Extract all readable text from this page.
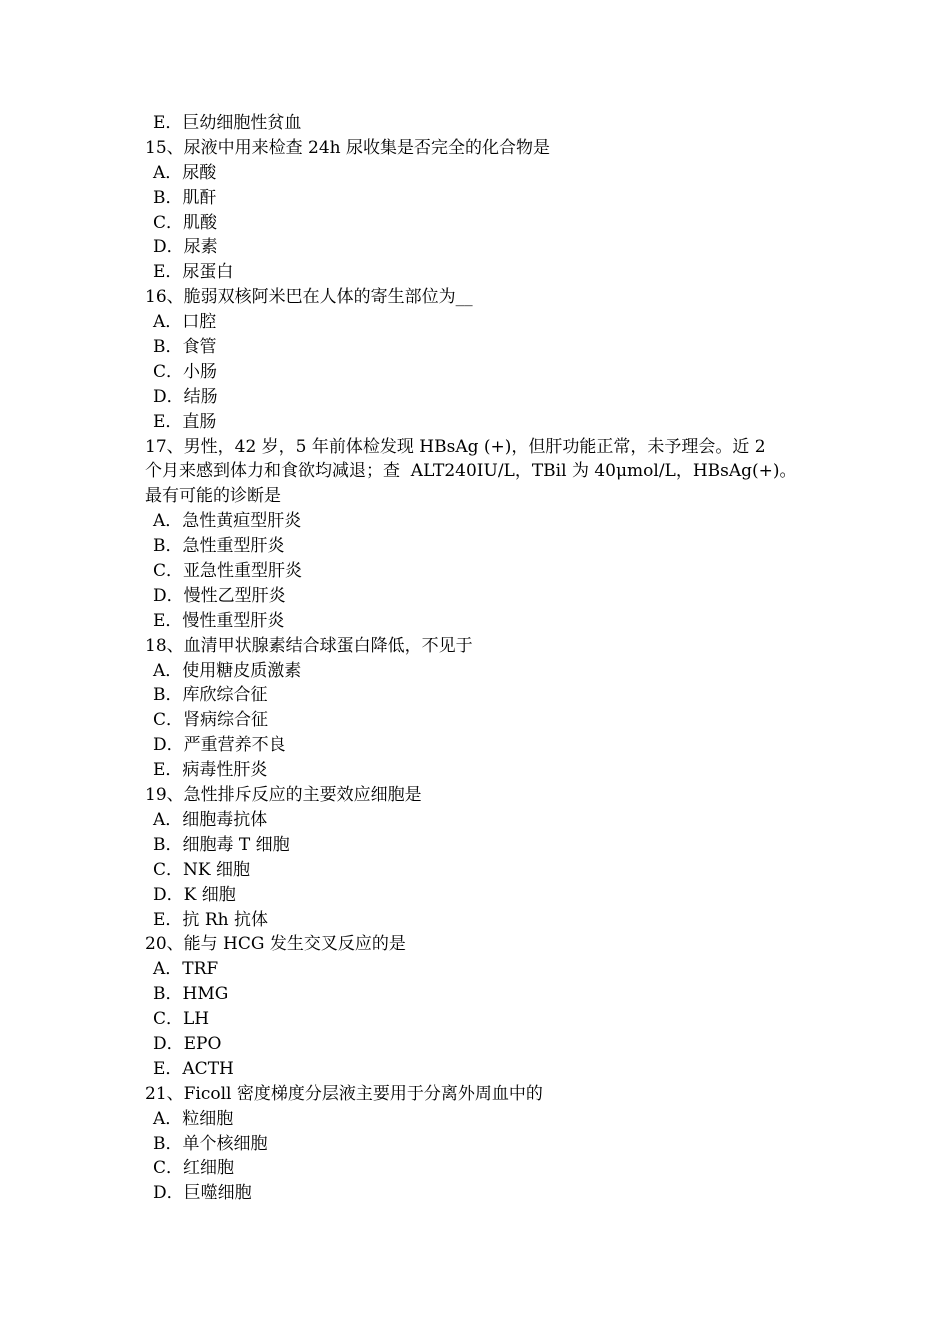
E．巨幼细胞性贫血
15、尿液中用来检查 24h 尿收集是否完全的化合物是
A．尿酸
B．肌酐
C．肌酸
D．尿素
E．尿蛋白
16、脆弱双核阿米巴在人体的寄生部位为__
A．口腔
B．食管
C．小肠
D．结肠
E．直肠
17、男性，42 岁，5 年前体检发现 HBsAg (+)，但肝功能正常，未予理会。近 2
个月来感到体力和食欲均减退；查  ALT240IU/L，TBil 为 40μmol/L，HBsAg(+)。
最有可能的诊断是
A．急性黄疸型肝炎
B．急性重型肝炎
C．亚急性重型肝炎
D．慢性乙型肝炎
E．慢性重型肝炎
18、血清甲状腺素结合球蛋白降低，不见于
A．使用糖皮质激素
B．库欣综合征
C．肾病综合征
D．严重营养不良
E．病毒性肝炎
19、急性排斥反应的主要效应细胞是
A．细胞毒抗体
B．细胞毒 T 细胞
C．NK 细胞
D．K 细胞
E．抗 Rh 抗体
20、能与 HCG 发生交叉反应的是
A．TRF
B．HMG
C．LH
D．EPO
E．ACTH
21、Ficoll 密度梯度分层液主要用于分离外周血中的
A．粒细胞
B．单个核细胞
C．红细胞
D．巨噬细胞
